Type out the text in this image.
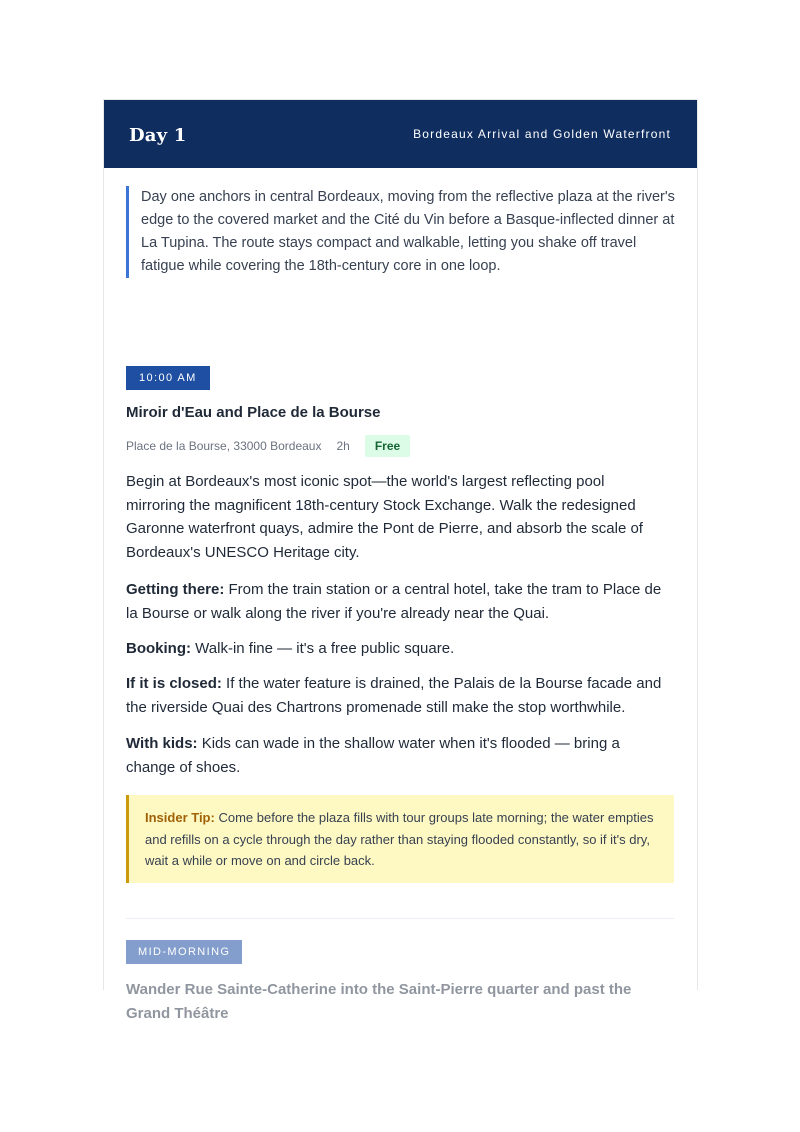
Day 1	Bordeaux Arrival and Golden Waterfront
Day one anchors in central Bordeaux, moving from the reflective plaza at the river's edge to the covered market and the Cité du Vin before a Basque-inflected dinner at La Tupina. The route stays compact and walkable, letting you shake off travel fatigue while covering the 18th-century core in one loop.
10:00 AM
Miroir d'Eau and Place de la Bourse
Place de la Bourse, 33000 Bordeaux 2h	Free
Begin at Bordeaux's most iconic spot—the world's largest reflecting pool mirroring the magnificent 18th-century Stock Exchange. Walk the redesigned Garonne waterfront quays, admire the Pont de Pierre, and absorb the scale of Bordeaux's UNESCO Heritage city.
Getting there: From the train station or a central hotel, take the tram to Place de la Bourse or walk along the river if you're already near the Quai.
Booking: Walk-in fine — it's a free public square.
If it is closed: If the water feature is drained, the Palais de la Bourse facade and the riverside Quai des Chartrons promenade still make the stop worthwhile.
With kids: Kids can wade in the shallow water when it's flooded — bring a change of shoes.
Insider Tip: Come before the plaza fills with tour groups late morning; the water empties and refills on a cycle through the day rather than staying flooded constantly, so if it's dry, wait a while or move on and circle back.
MID-MORNING
Wander Rue Sainte-Catherine into the Saint-Pierre quarter and past the Grand Théâtre
